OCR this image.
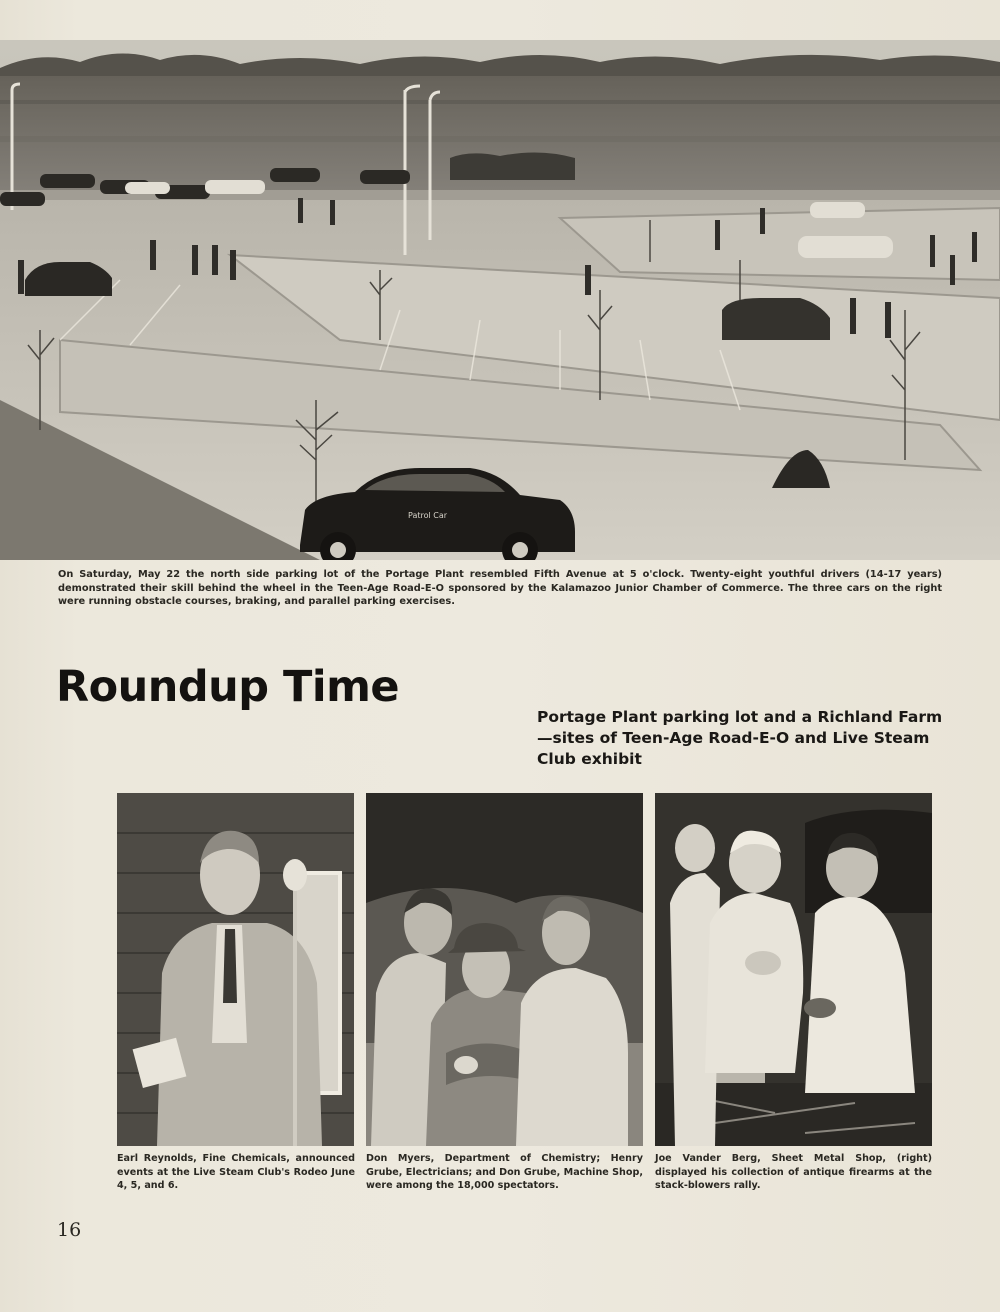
Patrol Car

On Saturday, May 22 the north side parking lot of the Portage Plant resembled Fifth Avenue at 5 o'clock. Twenty-eight youthful drivers (14-17 years) demonstrated their skill behind the wheel in the Teen-Age Road-E-O sponsored by the Kalamazoo Junior Chamber of Commerce. The three cars on the right were running obstacle courses, braking, and parallel parking exercises.

Roundup Time

Portage Plant parking lot and a Richland Farm—sites of Teen-Age Road-E-O and Live Steam Club exhibit

Earl Reynolds, Fine Chemicals, announced events at the Live Steam Club's Rodeo June 4, 5, and 6.

Don Myers, Department of Chemistry; Henry Grube, Electricians; and Don Grube, Machine Shop, were among the 18,000 spectators.

Joe Vander Berg, Sheet Metal Shop, (right) displayed his collection of antique firearms at the stack-blowers rally.

16
